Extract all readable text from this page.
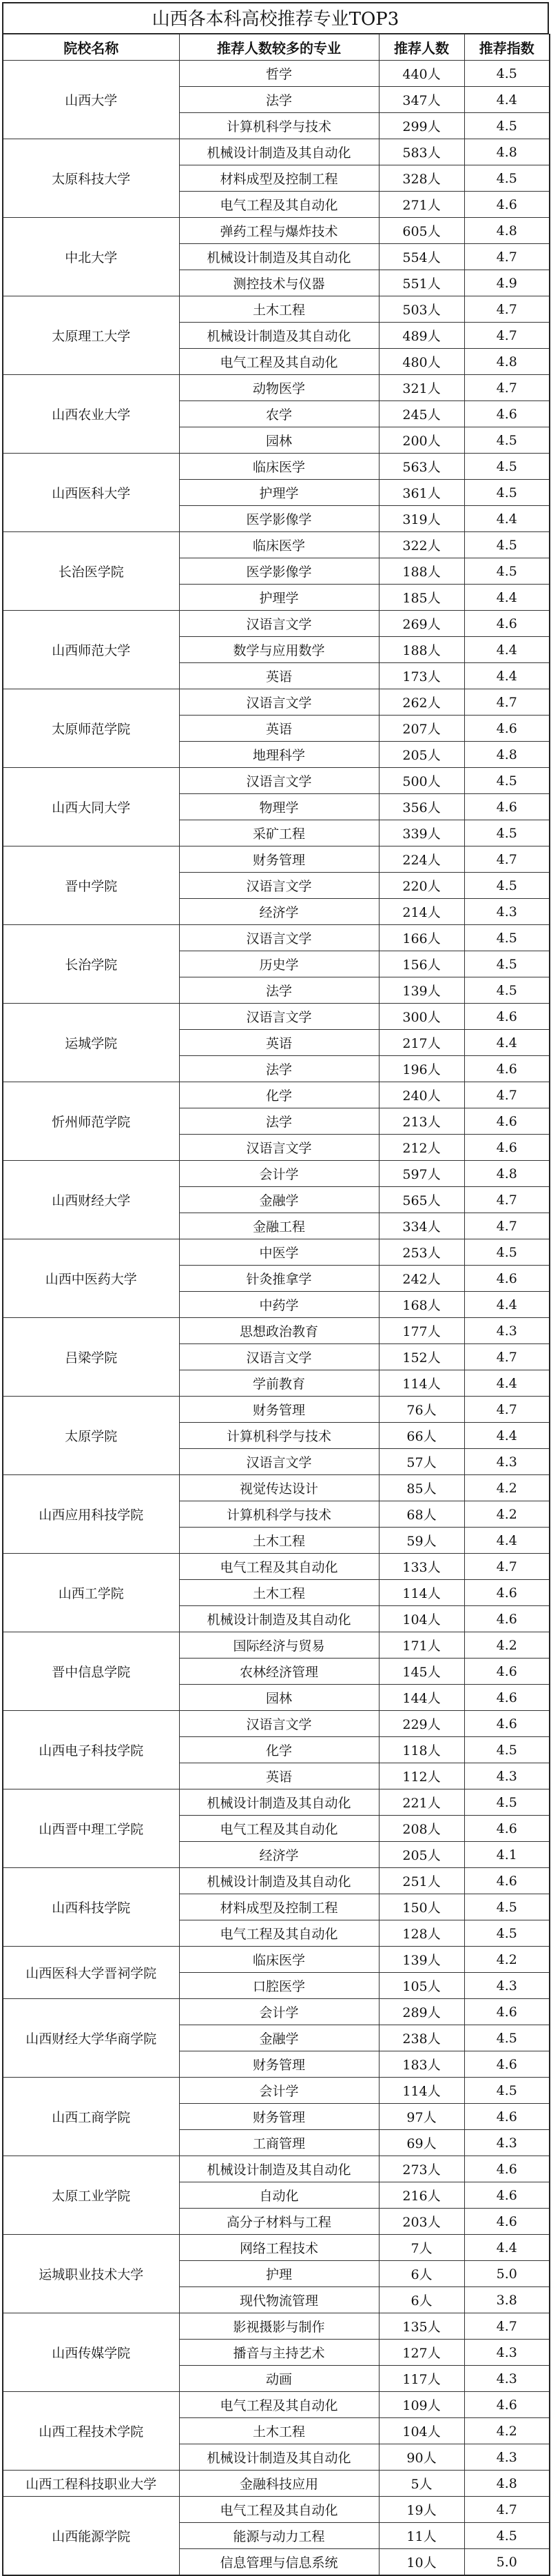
山西各本科高校推荐专业TOP3
院校名称	推荐人数较多的专业	推荐人数	推荐指数
山西大学	哲学	440人	4.5
	法学	347人	4.4
	计算机科学与技术	299人	4.5
太原科技大学	机械设计制造及其自动化	583人	4.8
	材料成型及控制工程	328人	4.5
	电气工程及其自动化	271人	4.6
中北大学	弹药工程与爆炸技术	605人	4.8
	机械设计制造及其自动化	554人	4.7
	测控技术与仪器	551人	4.9
太原理工大学	土木工程	503人	4.7
	机械设计制造及其自动化	489人	4.7
	电气工程及其自动化	480人	4.8
山西农业大学	动物医学	321人	4.7
	农学	245人	4.6
	园林	200人	4.5
山西医科大学	临床医学	563人	4.5
	护理学	361人	4.5
	医学影像学	319人	4.4
长治医学院	临床医学	322人	4.5
	医学影像学	188人	4.5
	护理学	185人	4.4
山西师范大学	汉语言文学	269人	4.6
	数学与应用数学	188人	4.4
	英语	173人	4.4
太原师范学院	汉语言文学	262人	4.7
	英语	207人	4.6
	地理科学	205人	4.8
山西大同大学	汉语言文学	500人	4.5
	物理学	356人	4.6
	采矿工程	339人	4.5
晋中学院	财务管理	224人	4.7
	汉语言文学	220人	4.5
	经济学	214人	4.3
长治学院	汉语言文学	166人	4.5
	历史学	156人	4.5
	法学	139人	4.5
运城学院	汉语言文学	300人	4.6
	英语	217人	4.4
	法学	196人	4.6
忻州师范学院	化学	240人	4.7
	法学	213人	4.6
	汉语言文学	212人	4.6
山西财经大学	会计学	597人	4.8
	金融学	565人	4.7
	金融工程	334人	4.7
山西中医药大学	中医学	253人	4.5
	针灸推拿学	242人	4.6
	中药学	168人	4.4
吕梁学院	思想政治教育	177人	4.3
	汉语言文学	152人	4.7
	学前教育	114人	4.4
太原学院	财务管理	76人	4.7
	计算机科学与技术	66人	4.4
	汉语言文学	57人	4.3
山西应用科技学院	视觉传达设计	85人	4.2
	计算机科学与技术	68人	4.2
	土木工程	59人	4.4
山西工学院	电气工程及其自动化	133人	4.7
	土木工程	114人	4.6
	机械设计制造及其自动化	104人	4.6
晋中信息学院	国际经济与贸易	171人	4.2
	农林经济管理	145人	4.6
	园林	144人	4.6
山西电子科技学院	汉语言文学	229人	4.6
	化学	118人	4.5
	英语	112人	4.3
山西晋中理工学院	机械设计制造及其自动化	221人	4.5
	电气工程及其自动化	208人	4.6
	经济学	205人	4.1
山西科技学院	机械设计制造及其自动化	251人	4.6
	材料成型及控制工程	150人	4.5
	电气工程及其自动化	128人	4.5
山西医科大学晋祠学院	临床医学	139人	4.2
	口腔医学	105人	4.3
山西财经大学华商学院	会计学	289人	4.6
	金融学	238人	4.5
	财务管理	183人	4.6
山西工商学院	会计学	114人	4.5
	财务管理	97人	4.6
	工商管理	69人	4.3
太原工业学院	机械设计制造及其自动化	273人	4.6
	自动化	216人	4.6
	高分子材料与工程	203人	4.6
运城职业技术大学	网络工程技术	7人	4.4
	护理	6人	5.0
	现代物流管理	6人	3.8
山西传媒学院	影视摄影与制作	135人	4.7
	播音与主持艺术	127人	4.3
	动画	117人	4.3
山西工程技术学院	电气工程及其自动化	109人	4.6
	土木工程	104人	4.2
	机械设计制造及其自动化	90人	4.3
山西工程科技职业大学	金融科技应用	5人	4.8
山西能源学院	电气工程及其自动化	19人	4.7
	能源与动力工程	11人	4.5
	信息管理与信息系统	10人	5.0
